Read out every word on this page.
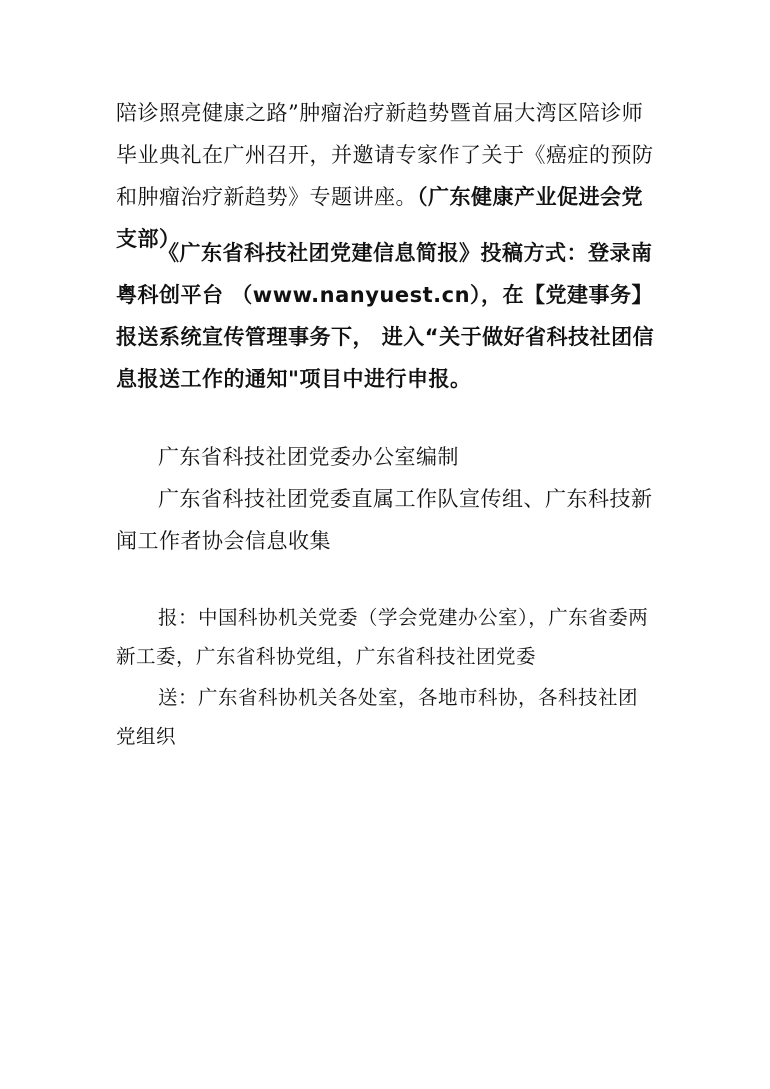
陪诊照亮健康之路”肿瘤治疗新趋势暨首届大湾区陪诊师毕业典礼在广州召开，并邀请专家作了关于《癌症的预防和肿瘤治疗新趋势》专题讲座。（广东健康产业促进会党支部）

《广东省科技社团党建信息简报》投稿方式：登录南粤科创平台 （www.nanyuest.cn），在【党建事务】报送系统宣传管理事务下， 进入“关于做好省科技社团信息报送工作的通知"项目中进行申报。

广东省科技社团党委办公室编制

广东省科技社团党委直属工作队宣传组、广东科技新闻工作者协会信息收集

报：中国科协机关党委（学会党建办公室），广东省委两新工委，广东省科协党组，广东省科技社团党委

送：广东省科协机关各处室，各地市科协，各科技社团党组织
